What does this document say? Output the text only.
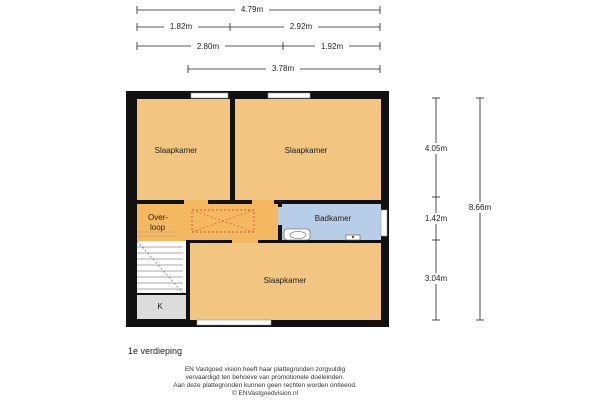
4.79m
1.82m	2.92m
2.80m	1.92m
3.78m
4.05m
1.42m
3.04m
8.66m
Slaapkamer	Slaapkamer
Over-
loop
Badkamer
Slaapkamer
K
1e verdieping
EN Vastgoed vision heeft haar plattegronden zorgvuldig
vervaardigd ten behoeve van promotionele doeleinden.
Aan deze plattegronden kunnen geen rechten worden ontleend.
© ENVastgoedvision.nl
